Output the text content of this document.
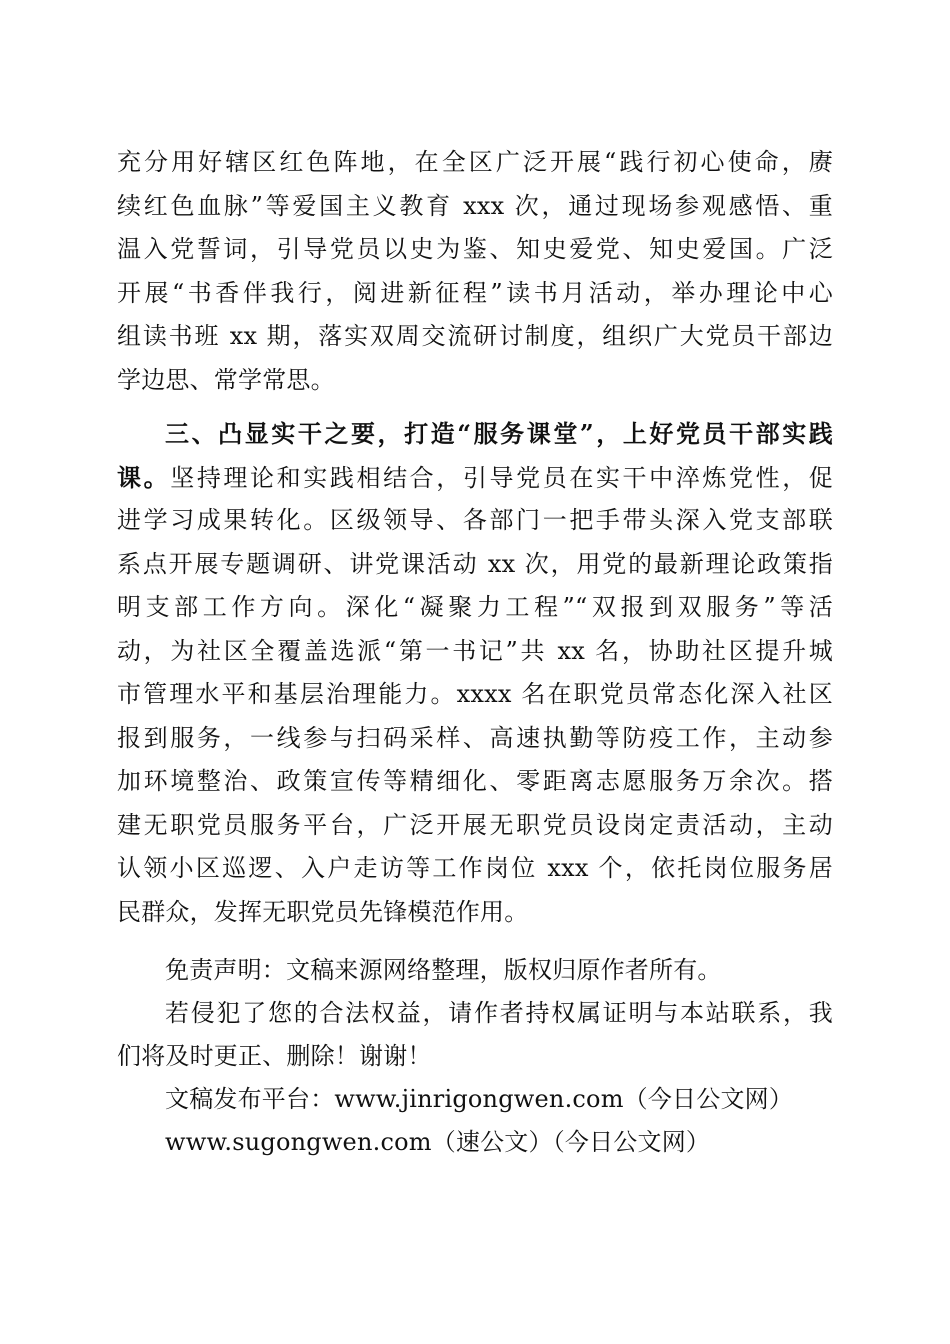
充分用好辖区红色阵地，在全区广泛开展“践行初心使命，赓
续红色血脉”等爱国主义教育 xxx 次，通过现场参观感悟、重
温入党誓词，引导党员以史为鉴、知史爱党、知史爱国。广泛
开展“书香伴我行，阅进新征程”读书月活动，举办理论中心
组读书班 xx 期，落实双周交流研讨制度，组织广大党员干部边
学边思、常学常思。
三、凸显实干之要，打造“服务课堂”，上好党员干部实践
课。坚持理论和实践相结合，引导党员在实干中淬炼党性，促
进学习成果转化。区级领导、各部门一把手带头深入党支部联
系点开展专题调研、讲党课活动 xx 次，用党的最新理论政策指
明支部工作方向。深化“凝聚力工程”“双报到双服务”等活
动，为社区全覆盖选派“第一书记”共 xx 名，协助社区提升城
市管理水平和基层治理能力。xxxx 名在职党员常态化深入社区
报到服务，一线参与扫码采样、高速执勤等防疫工作，主动参
加环境整治、政策宣传等精细化、零距离志愿服务万余次。搭
建无职党员服务平台，广泛开展无职党员设岗定责活动，主动
认领小区巡逻、入户走访等工作岗位 xxx 个，依托岗位服务居
民群众，发挥无职党员先锋模范作用。
免责声明：文稿来源网络整理，版权归原作者所有。
若侵犯了您的合法权益，请作者持权属证明与本站联系，我
们将及时更正、删除！谢谢！
文稿发布平台：www.jinrigongwen.com（今日公文网）
www.sugongwen.com（速公文）（今日公文网）
